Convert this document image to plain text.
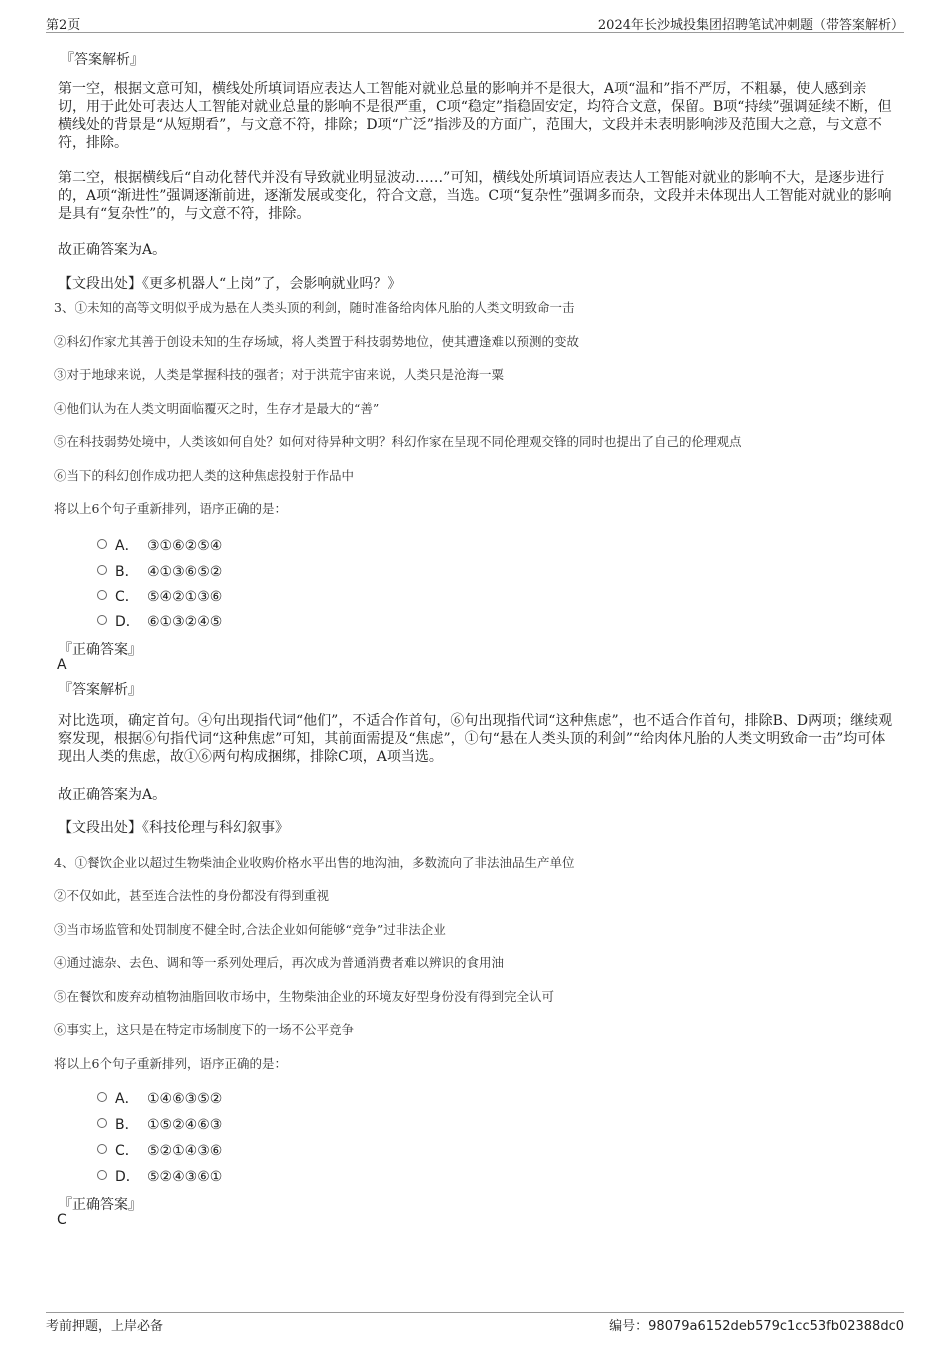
第2页	2024年长沙城投集团招聘笔试冲刺题（带答案解析）
『答案解析』
第一空，根据文意可知，横线处所填词语应表达人工智能对就业总量的影响并不是很大，A项“温和”指不严厉，不粗暴，使人感到亲切，用于此处可表达人工智能对就业总量的影响不是很严重，C项“稳定”指稳固安定，均符合文意，保留。B项“持续”强调延续不断，但横线处的背景是“从短期看”，与文意不符，排除；D项“广泛”指涉及的方面广，范围大，文段并未表明影响涉及范围大之意，与文意不符，排除。
第二空，根据横线后“自动化替代并没有导致就业明显波动……”可知，横线处所填词语应表达人工智能对就业的影响不大，是逐步进行的，A项“渐进性”强调逐渐前进，逐渐发展或变化，符合文意，当选。C项“复杂性”强调多而杂，文段并未体现出人工智能对就业的影响是具有“复杂性”的，与文意不符，排除。
故正确答案为A。
【文段出处】《更多机器人“上岗”了，会影响就业吗？》
3、①未知的高等文明似乎成为悬在人类头顶的利剑，随时准备给肉体凡胎的人类文明致命一击
②科幻作家尤其善于创设未知的生存场域，将人类置于科技弱势地位，使其遭逢难以预测的变故
③对于地球来说，人类是掌握科技的强者；对于洪荒宇宙来说，人类只是沧海一粟
④他们认为在人类文明面临覆灭之时，生存才是最大的“善”
⑤在科技弱势处境中，人类该如何自处？如何对待异种文明？科幻作家在呈现不同伦理观交锋的同时也提出了自己的伦理观点
⑥当下的科幻创作成功把人类的这种焦虑投射于作品中
将以上6个句子重新排列，语序正确的是：
A． ③①⑥②⑤④
B． ④①③⑥⑤②
C． ⑤④②①③⑥
D． ⑥①③②④⑤
『正确答案』
A
『答案解析』
对比选项，确定首句。④句出现指代词“他们”，不适合作首句，⑥句出现指代词“这种焦虑”，也不适合作首句，排除B、D两项；继续观察发现，根据⑥句指代词“这种焦虑”可知，其前面需提及“焦虑”，①句“悬在人类头顶的利剑”“给肉体凡胎的人类文明致命一击”均可体现出人类的焦虑，故①⑥两句构成捆绑，排除C项，A项当选。
故正确答案为A。
【文段出处】《科技伦理与科幻叙事》
4、①餐饮企业以超过生物柴油企业收购价格水平出售的地沟油，多数流向了非法油品生产单位
②不仅如此，甚至连合法性的身份都没有得到重视
③当市场监管和处罚制度不健全时,合法企业如何能够“竞争”过非法企业
④通过滤杂、去色、调和等一系列处理后，再次成为普通消费者难以辨识的食用油
⑤在餐饮和废弃动植物油脂回收市场中，生物柴油企业的环境友好型身份没有得到完全认可
⑥事实上，这只是在特定市场制度下的一场不公平竞争
将以上6个句子重新排列，语序正确的是：
A． ①④⑥③⑤②
B． ①⑤②④⑥③
C． ⑤②①④③⑥
D． ⑤②④③⑥①
『正确答案』
C
考前押题，上岸必备	编号：98079a6152deb579c1cc53fb02388dc0
